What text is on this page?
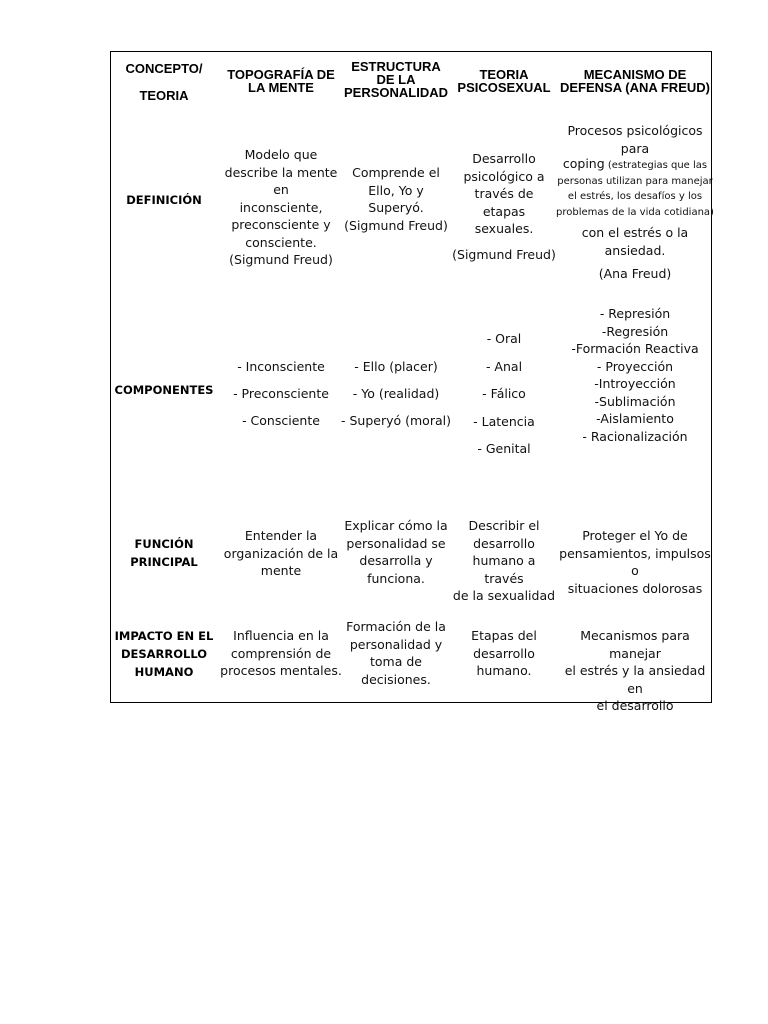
CONCEPTO/
TEORIA
TOPOGRAFÍA DE
LA MENTE
ESTRUCTURA
DE LA
PERSONALIDAD
TEORIA
PSICOSEXUAL
MECANISMO DE
DEFENSA (ANA FREUD)
DEFINICIÓN
Modelo que
describe la mente en
inconsciente,
preconsciente y
consciente.
(Sigmund Freud)
Comprende el
Ello, Yo y
Superyó.
(Sigmund Freud)
Desarrollo
psicológico a
través de etapas
sexuales.
(Sigmund Freud)
Procesos psicológicos para
coping (estrategias que las
personas utilizan para manejar
el estrés, los desafíos y los
problemas de la vida cotidiana)
con el estrés o la
ansiedad.
(Ana Freud)
COMPONENTES
- Inconsciente
- Preconsciente
- Consciente
- Ello (placer)
- Yo (realidad)
- Superyó (moral)
- Oral
- Anal
- Fálico
- Latencia
- Genital
- Represión
-Regresión
-Formación Reactiva
- Proyección
-Introyección
-Sublimación
-Aislamiento
- Racionalización
FUNCIÓN
PRINCIPAL
Entender la
organización de la
mente
Explicar cómo la
personalidad se
desarrolla y
funciona.
Describir el
desarrollo
humano a través
de la sexualidad
Proteger el Yo de
pensamientos, impulsos o
situaciones dolorosas
IMPACTO EN EL
DESARROLLO
HUMANO
Influencia en la
comprensión de
procesos mentales.
Formación de la
personalidad y
toma de
decisiones.
Etapas del
desarrollo
humano.
Mecanismos para manejar
el estrés y la ansiedad en
el desarrollo
